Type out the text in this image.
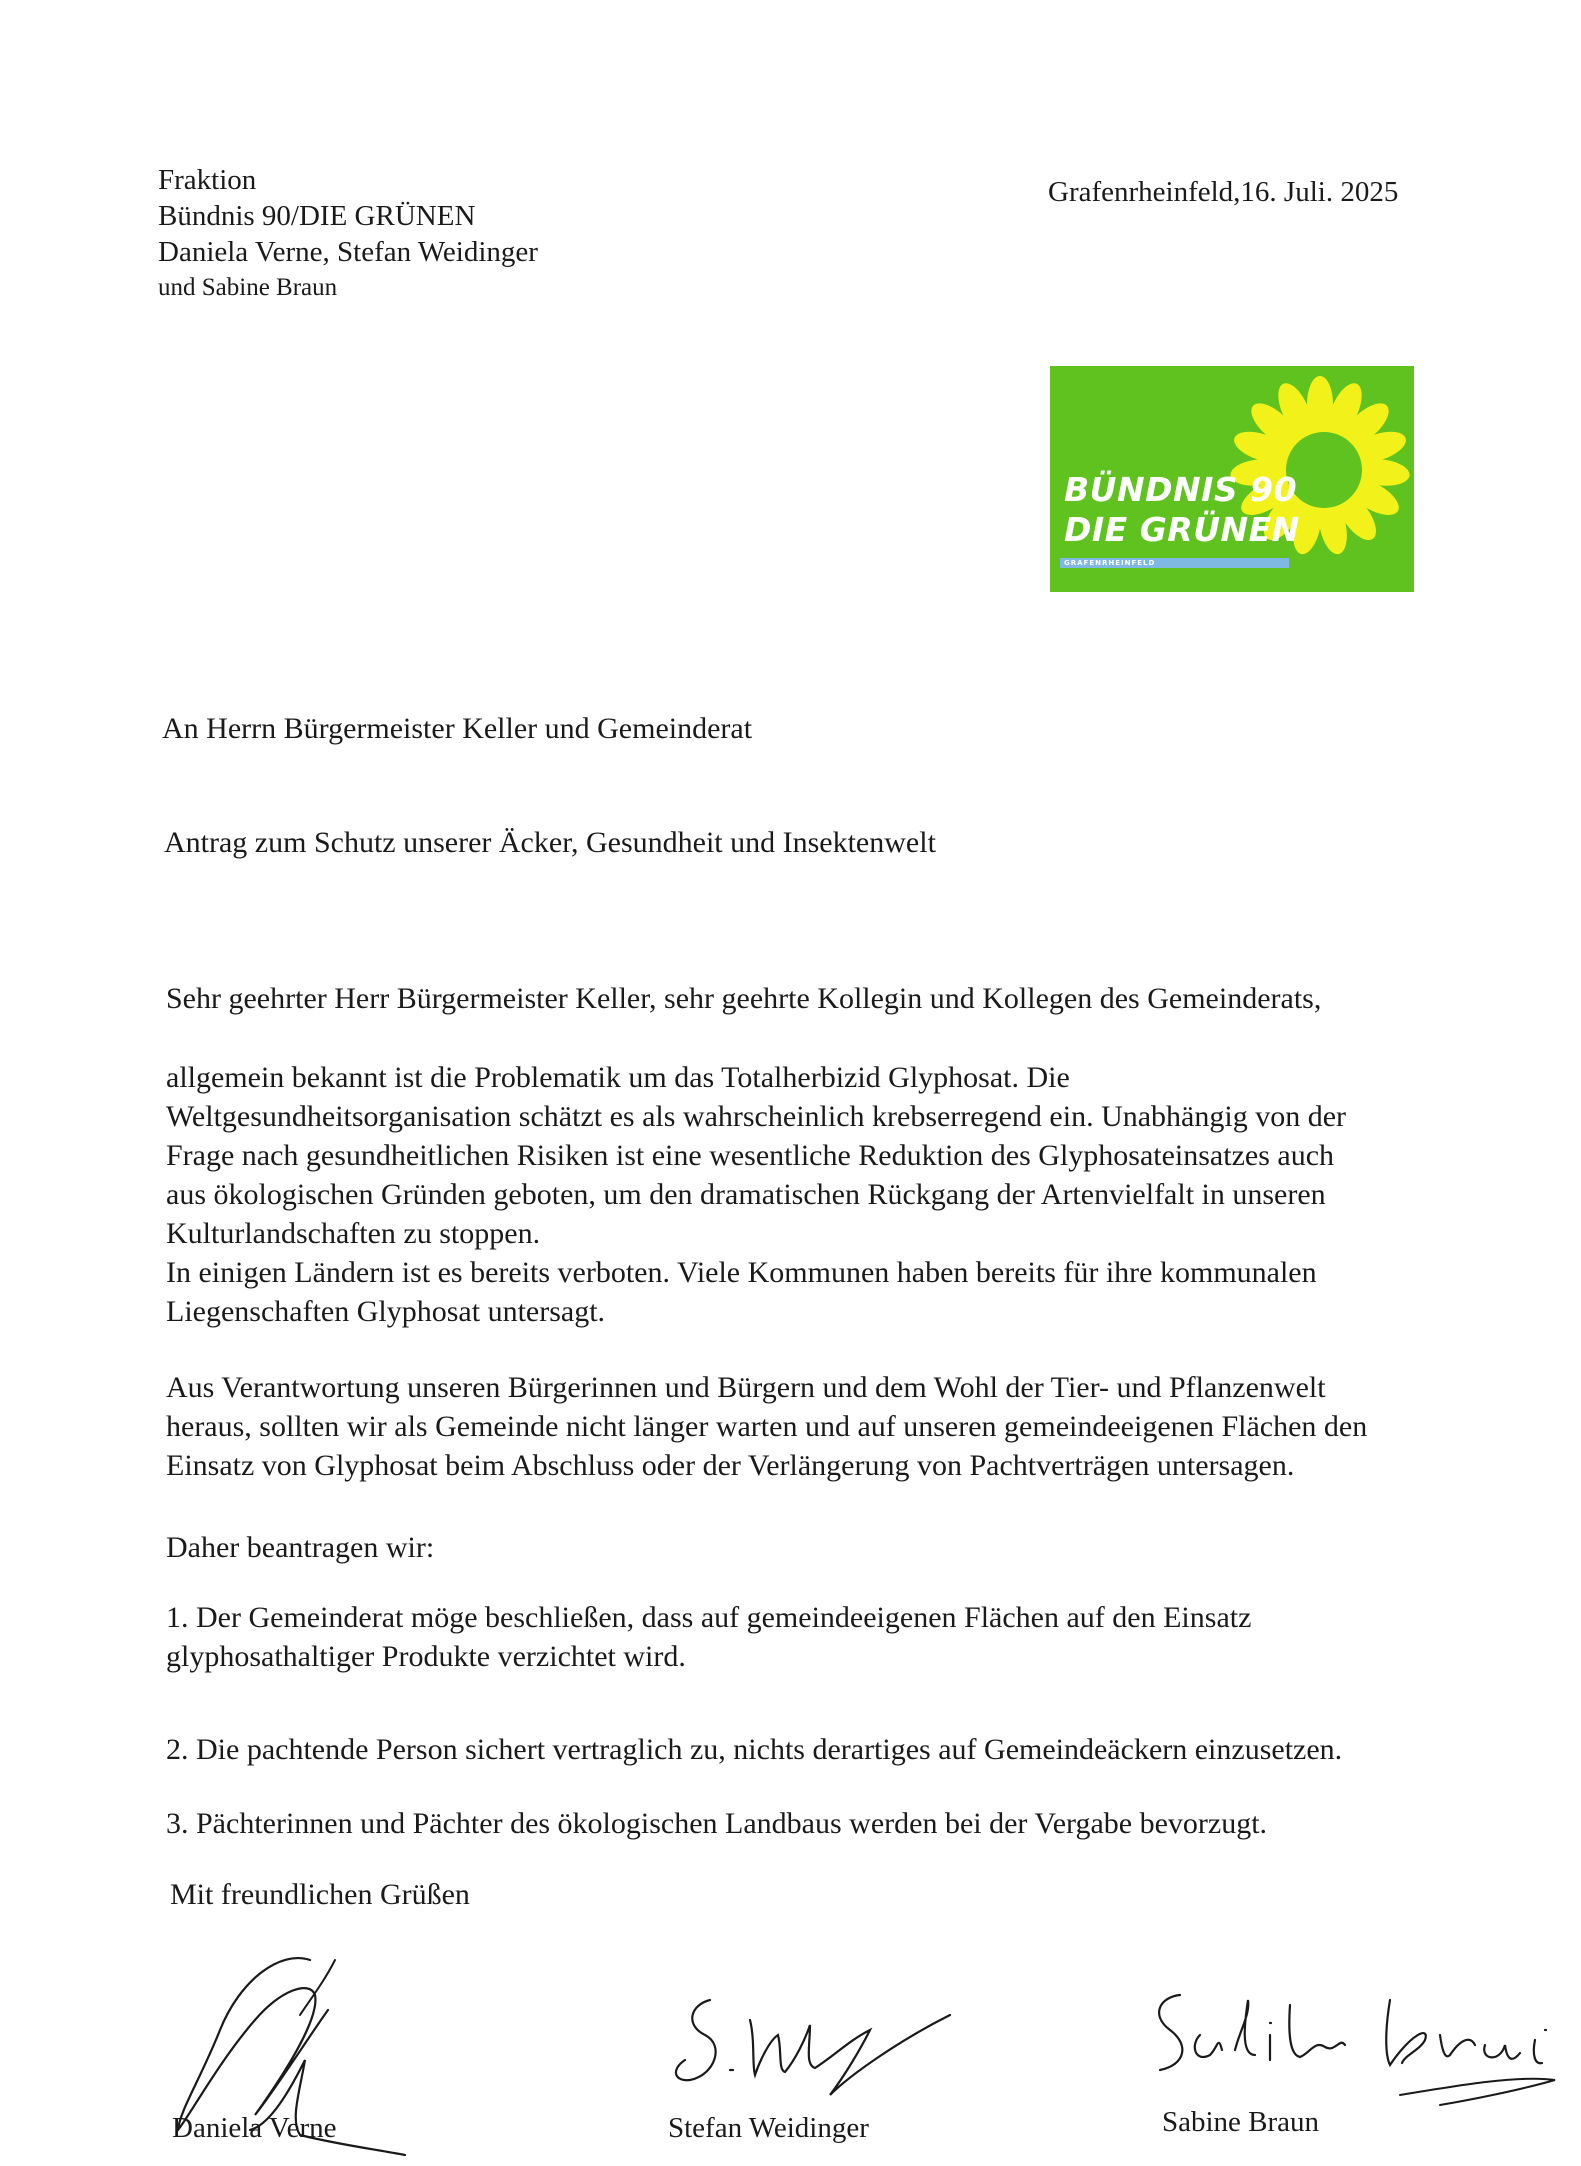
Fraktion
Bündnis 90/DIE GRÜNEN
Daniela Verne, Stefan Weidinger
und Sabine Braun
Grafenrheinfeld,16. Juli. 2025
BÜNDNIS 90
DIE GRÜNEN
GRAFENRHEINFELD
An Herrn Bürgermeister Keller und Gemeinderat
Antrag zum Schutz unserer Äcker, Gesundheit und Insektenwelt
Sehr geehrter Herr Bürgermeister Keller, sehr geehrte Kollegin und Kollegen des Gemeinderats,
allgemein bekannt ist die Problematik um das Totalherbizid Glyphosat. Die
Weltgesundheitsorganisation schätzt es als wahrscheinlich krebserregend ein. Unabhängig von der
Frage nach gesundheitlichen Risiken ist eine wesentliche Reduktion des Glyphosateinsatzes auch
aus ökologischen Gründen geboten, um den dramatischen Rückgang der Artenvielfalt in unseren
Kulturlandschaften zu stoppen.
In einigen Ländern ist es bereits verboten. Viele Kommunen haben bereits für ihre kommunalen
Liegenschaften Glyphosat untersagt.
Aus Verantwortung unseren Bürgerinnen und Bürgern und dem Wohl der Tier- und Pflanzenwelt
heraus, sollten wir als Gemeinde nicht länger warten und auf unseren gemeindeeigenen Flächen den
Einsatz von Glyphosat beim Abschluss oder der Verlängerung von Pachtverträgen untersagen.
Daher beantragen wir:
1. Der Gemeinderat möge beschließen, dass auf gemeindeeigenen Flächen auf den Einsatz
glyphosathaltiger Produkte verzichtet wird.
2. Die pachtende Person sichert vertraglich zu, nichts derartiges auf Gemeindeäckern einzusetzen.
3. Pächterinnen und Pächter des ökologischen Landbaus werden bei der Vergabe bevorzugt.
Mit freundlichen Grüßen
Daniela Verne	Stefan Weidinger	Sabine Braun
